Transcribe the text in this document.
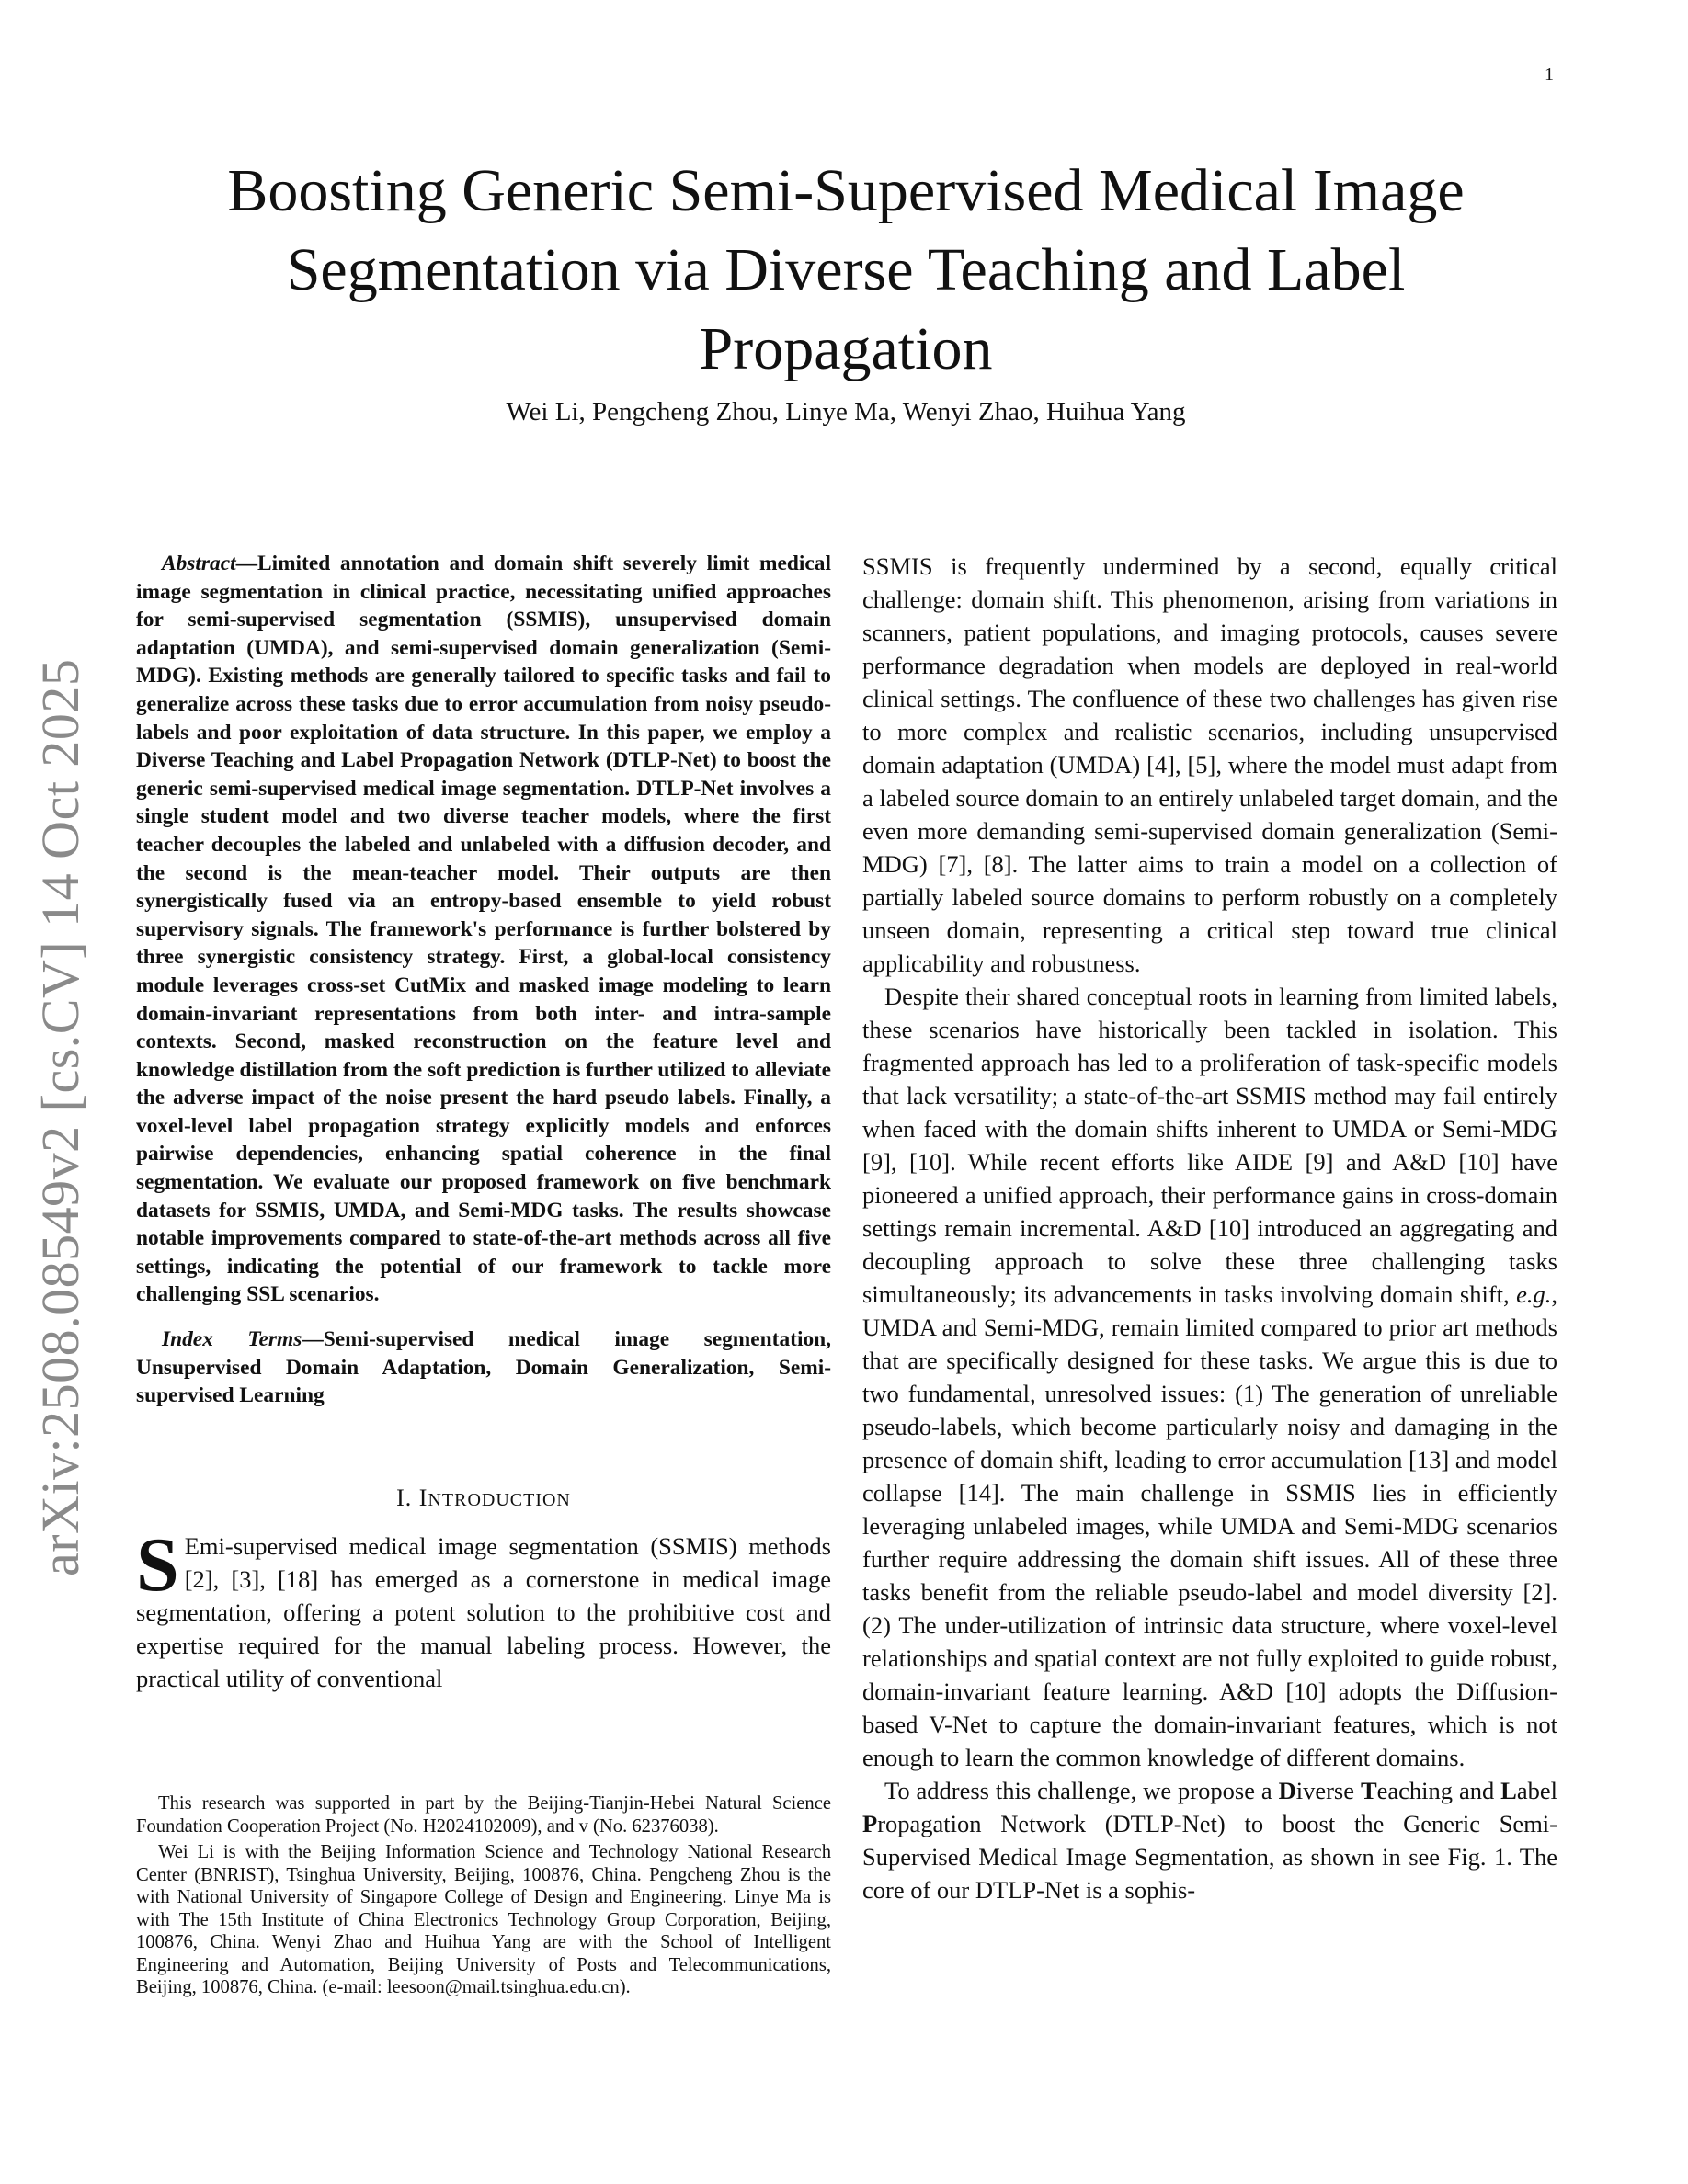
1
arXiv:2508.08549v2 [cs.CV] 14 Oct 2025
Boosting Generic Semi-Supervised Medical Image Segmentation via Diverse Teaching and Label Propagation
Wei Li, Pengcheng Zhou, Linye Ma, Wenyi Zhao, Huihua Yang

Abstract—Limited annotation and domain shift severely limit medical image segmentation in clinical practice, necessitating unified approaches for semi-supervised segmentation (SSMIS), unsupervised domain adaptation (UMDA), and semi-supervised domain generalization (Semi-MDG). Existing methods are generally tailored to specific tasks and fail to generalize across these tasks due to error accumulation from noisy pseudo-labels and poor exploitation of data structure. In this paper, we employ a Diverse Teaching and Label Propagation Network (DTLP-Net) to boost the generic semi-supervised medical image segmentation. DTLP-Net involves a single student model and two diverse teacher models, where the first teacher decouples the labeled and unlabeled with a diffusion decoder, and the second is the mean-teacher model. Their outputs are then synergistically fused via an entropy-based ensemble to yield robust supervisory signals. The framework's performance is further bolstered by three synergistic consistency strategy. First, a global-local consistency module leverages cross-set CutMix and masked image modeling to learn domain-invariant representations from both inter- and intra-sample contexts. Second, masked reconstruction on the feature level and knowledge distillation from the soft prediction is further utilized to alleviate the adverse impact of the noise present the hard pseudo labels. Finally, a voxel-level label propagation strategy explicitly models and enforces pairwise dependencies, enhancing spatial coherence in the final segmentation. We evaluate our proposed framework on five benchmark datasets for SSMIS, UMDA, and Semi-MDG tasks. The results showcase notable improvements compared to state-of-the-art methods across all five settings, indicating the potential of our framework to tackle more challenging SSL scenarios.

Index Terms—Semi-supervised medical image segmentation, Unsupervised Domain Adaptation, Domain Generalization, Semi-supervised Learning

I. INTRODUCTION

S Emi-supervised medical image segmentation (SSMIS) methods [2], [3], [18] has emerged as a cornerstone in medical image segmentation, offering a potent solution to the prohibitive cost and expertise required for the manual labeling process. However, the practical utility of conventional

SSMIS is frequently undermined by a second, equally critical challenge: domain shift. This phenomenon, arising from variations in scanners, patient populations, and imaging protocols, causes severe performance degradation when models are deployed in real-world clinical settings. The confluence of these two challenges has given rise to more complex and realistic scenarios, including unsupervised domain adaptation (UMDA) [4], [5], where the model must adapt from a labeled source domain to an entirely unlabeled target domain, and the even more demanding semi-supervised domain generalization (Semi-MDG) [7], [8]. The latter aims to train a model on a collection of partially labeled source domains to perform robustly on a completely unseen domain, representing a critical step toward true clinical applicability and robustness.

Despite their shared conceptual roots in learning from limited labels, these scenarios have historically been tackled in isolation. This fragmented approach has led to a proliferation of task-specific models that lack versatility; a state-of-the-art SSMIS method may fail entirely when faced with the domain shifts inherent to UMDA or Semi-MDG [9], [10]. While recent efforts like AIDE [9] and A&D [10] have pioneered a unified approach, their performance gains in cross-domain settings remain incremental. A&D [10] introduced an aggregating and decoupling approach to solve these three challenging tasks simultaneously; its advancements in tasks involving domain shift, e.g., UMDA and Semi-MDG, remain limited compared to prior art methods that are specifically designed for these tasks. We argue this is due to two fundamental, unresolved issues: (1) The generation of unreliable pseudo-labels, which become particularly noisy and damaging in the presence of domain shift, leading to error accumulation [13] and model collapse [14]. The main challenge in SSMIS lies in efficiently leveraging unlabeled images, while UMDA and Semi-MDG scenarios further require addressing the domain shift issues. All of these three tasks benefit from the reliable pseudo-label and model diversity [2]. (2) The under-utilization of intrinsic data structure, where voxel-level relationships and spatial context are not fully exploited to guide robust, domain-invariant feature learning. A&D [10] adopts the Diffusion-based V-Net to capture the domain-invariant features, which is not enough to learn the common knowledge of different domains.

To address this challenge, we propose a Diverse Teaching and Label Propagation Network (DTLP-Net) to boost the Generic Semi-Supervised Medical Image Segmentation, as shown in see Fig. 1. The core of our DTLP-Net is a sophis-

This research was supported in part by the Beijing-Tianjin-Hebei Natural Science Foundation Cooperation Project (No. H2024102009), and v (No. 62376038).

Wei Li is with the Beijing Information Science and Technology National Research Center (BNRIST), Tsinghua University, Beijing, 100876, China. Pengcheng Zhou is the with National University of Singapore College of Design and Engineering. Linye Ma is with The 15th Institute of China Electronics Technology Group Corporation, Beijing, 100876, China. Wenyi Zhao and Huihua Yang are with the School of Intelligent Engineering and Automation, Beijing University of Posts and Telecommunications, Beijing, 100876, China. (e-mail: leesoon@mail.tsinghua.edu.cn).
